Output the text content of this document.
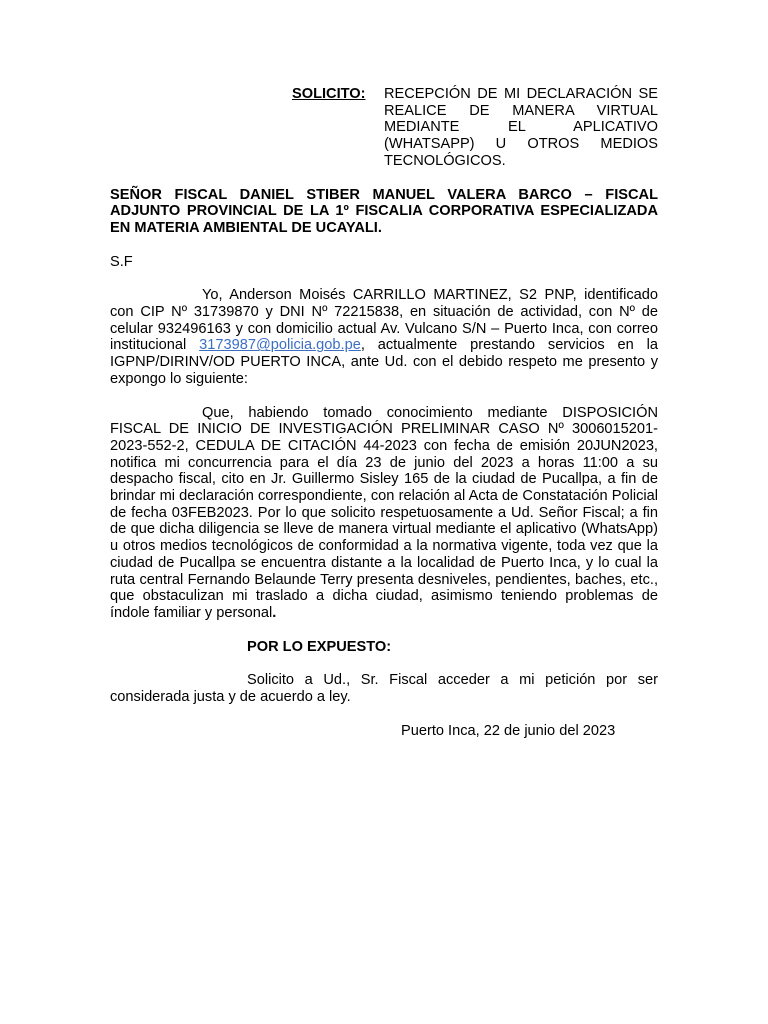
SOLICITO:	RECEPCIÓN DE MI DECLARACIÓN SE REALICE DE MANERA VIRTUAL MEDIANTE EL APLICATIVO (WHATSAPP) U OTROS MEDIOS TECNOLÓGICOS.
SEÑOR FISCAL DANIEL STIBER MANUEL VALERA BARCO – FISCAL ADJUNTO PROVINCIAL DE LA 1º FISCALIA CORPORATIVA ESPECIALIZADA EN MATERIA AMBIENTAL DE UCAYALI.
S.F

Yo, Anderson Moisés CARRILLO MARTINEZ, S2 PNP, identificado con CIP Nº 31739870 y DNI Nº 72215838, en situación de actividad, con Nº de celular 932496163 y con domicilio actual Av. Vulcano S/N – Puerto Inca, con correo institucional 3173987@policia.gob.pe, actualmente prestando servicios en la IGPNP/DIRINV/OD PUERTO INCA, ante Ud. con el debido respeto me presento y expongo lo siguiente:

Que, habiendo tomado conocimiento mediante DISPOSICIÓN FISCAL DE INICIO DE INVESTIGACIÓN PRELIMINAR CASO Nº 3006015201-2023-552-2, CEDULA DE CITACIÓN 44-2023 con fecha de emisión 20JUN2023, notifica mi concurrencia para el día 23 de junio del 2023 a horas 11:00 a su despacho fiscal, cito en Jr. Guillermo Sisley 165 de la ciudad de Pucallpa, a fin de brindar mi declaración correspondiente, con relación al Acta de Constatación Policial de fecha 03FEB2023. Por lo que solicito respetuosamente a Ud. Señor Fiscal; a fin de que dicha diligencia se lleve de manera virtual mediante el aplicativo (WhatsApp) u otros medios tecnológicos de conformidad a la normativa vigente, toda vez que la ciudad de Pucallpa se encuentra distante a la localidad de Puerto Inca, y lo cual la ruta central Fernando Belaunde Terry presenta desniveles, pendientes, baches, etc., que obstaculizan mi traslado a dicha ciudad, asimismo teniendo problemas de índole familiar y personal.

POR LO EXPUESTO:

Solicito a Ud., Sr. Fiscal acceder a mi petición por ser considerada justa y de acuerdo a ley.

Puerto Inca, 22 de junio del 2023
